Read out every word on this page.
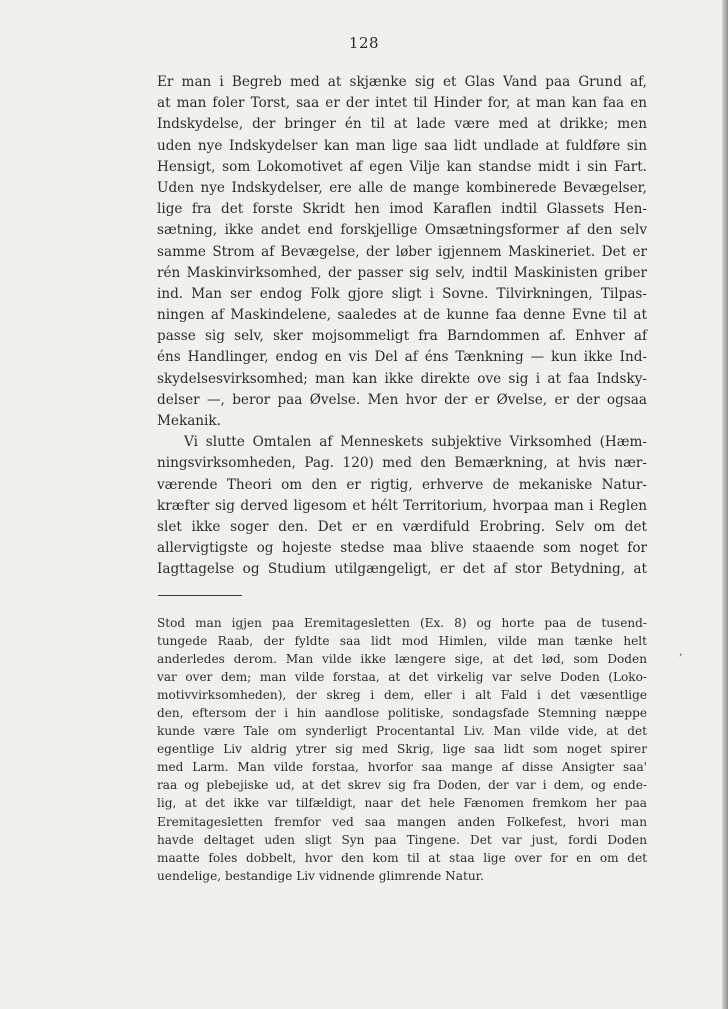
128
Er man i Begreb med at skjænke sig et Glas Vand paa Grund af,
at man foler Torst, saa er der intet til Hinder for, at man kan faa en
Indskydelse, der bringer én til at lade være med at drikke; men
uden nye Indskydelser kan man lige saa lidt undlade at fuldføre sin
Hensigt, som Lokomotivet af egen Vilje kan standse midt i sin Fart.
Uden nye Indskydelser, ere alle de mange kombinerede Bevægelser,
lige fra det forste Skridt hen imod Karaflen indtil Glassets Hen-
sætning, ikke andet end forskjellige Omsætningsformer af den selv
samme Strom af Bevægelse, der løber igjennem Maskineriet. Det er
rén Maskinvirksomhed, der passer sig selv, indtil Maskinisten griber
ind. Man ser endog Folk gjore sligt i Sovne. Tilvirkningen, Tilpas-
ningen af Maskindelene, saaledes at de kunne faa denne Evne til at
passe sig selv, sker mojsommeligt fra Barndommen af. Enhver af
éns Handlinger, endog en vis Del af éns Tænkning — kun ikke Ind-
skydelsesvirksomhed; man kan ikke direkte ove sig i at faa Indsky-
delser —, beror paa Øvelse. Men hvor der er Øvelse, er der ogsaa
Mekanik.
Vi slutte Omtalen af Menneskets subjektive Virksomhed (Hæm-
ningsvirksomheden, Pag. 120) med den Bemærkning, at hvis nær-
værende Theori om den er rigtig, erhverve de mekaniske Natur-
kræfter sig derved ligesom et hélt Territorium, hvorpaa man i Reglen
slet ikke soger den. Det er en værdifuld Erobring. Selv om det
allervigtigste og hojeste stedse maa blive staaende som noget for
Iagttagelse og Studium utilgængeligt, er det af stor Betydning, at
Stod man igjen paa Eremitagesletten (Ex. 8) og horte paa de tusend-
tungede Raab, der fyldte saa lidt mod Himlen, vilde man tænke helt
anderledes derom. Man vilde ikke længere sige, at det lød, som Doden
var over dem; man vilde forstaa, at det virkelig var selve Doden (Loko-
motivvirksomheden), der skreg i dem, eller i alt Fald i det væsentlige
den, eftersom der i hin aandlose politiske, sondagsfade Stemning næppe
kunde være Tale om synderligt Procentantal Liv. Man vilde vide, at det
egentlige Liv aldrig ytrer sig med Skrig, lige saa lidt som noget spirer
med Larm. Man vilde forstaa, hvorfor saa mange af disse Ansigter saa'
raa og plebejiske ud, at det skrev sig fra Doden, der var i dem, og ende-
lig, at det ikke var tilfældigt, naar det hele Fænomen fremkom her paa
Eremitagesletten fremfor ved saa mangen anden Folkefest, hvori man
havde deltaget uden sligt Syn paa Tingene. Det var just, fordi Doden
maatte foles dobbelt, hvor den kom til at staa lige over for en om det
uendelige, bestandige Liv vidnende glimrende Natur.
,
